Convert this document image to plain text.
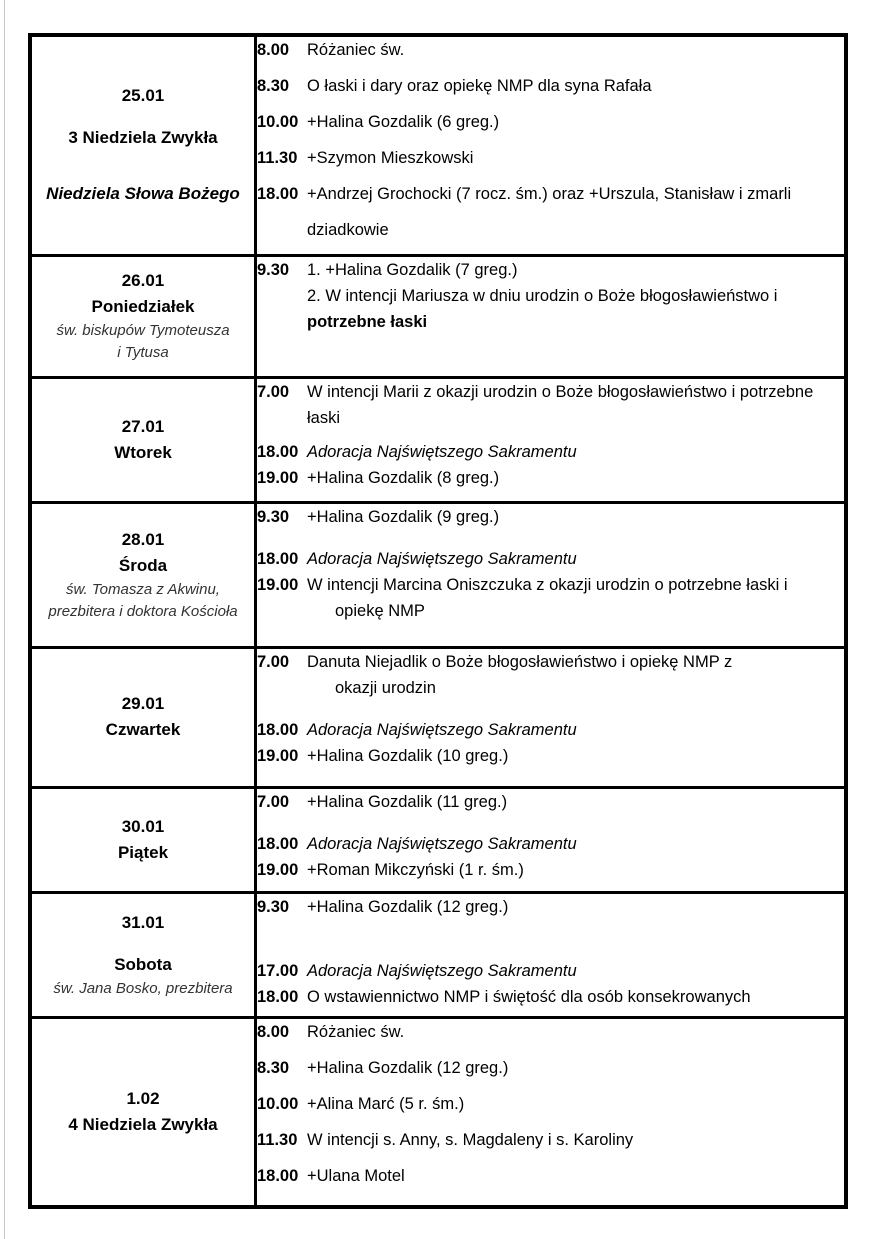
25.01
3 Niedziela Zwykła
Niedziela Słowa Bożego

8.00	Różaniec św.
8.30	O łaski i dary oraz opiekę NMP dla syna Rafała
10.00 +Halina Gozdalik (6 greg.)
11.30 +Szymon Mieszkowski
18.00 +Andrzej Grochocki (7 rocz. śm.) oraz +Urszula, Stanisław i zmarli
dziadkowie

26.01
Poniedziałek
św. biskupów Tymoteusza
i Tytusa

9.30	1. +Halina Gozdalik (7 greg.)
2. W intencji Mariusza w dniu urodzin o Boże błogosławieństwo i
potrzebne łaski

27.01
Wtorek

7.00	W intencji Marii z okazji urodzin o Boże błogosławieństwo i potrzebne
łaski
18.00 Adoracja Najświętszego Sakramentu
19.00 +Halina Gozdalik (8 greg.)

28.01
Środa
św. Tomasza z Akwinu,
prezbitera i doktora Kościoła

9.30	+Halina Gozdalik (9 greg.)
18.00 Adoracja Najświętszego Sakramentu
19.00 W intencji Marcina Oniszczuka z okazji urodzin o potrzebne łaski i
opiekę NMP

29.01
Czwartek

7.00	Danuta Niejadlik o Boże błogosławieństwo i opiekę NMP z
okazji urodzin
18.00 Adoracja Najświętszego Sakramentu
19.00 +Halina Gozdalik (10 greg.)

30.01
Piątek

7.00	+Halina Gozdalik (11 greg.)
18.00 Adoracja Najświętszego Sakramentu
19.00 +Roman Mikczyński (1 r. śm.)

31.01
Sobota
św. Jana Bosko, prezbitera

9.30	+Halina Gozdalik (12 greg.)
17.00 Adoracja Najświętszego Sakramentu
18.00 O wstawiennictwo NMP i świętość dla osób konsekrowanych

1.02
4 Niedziela Zwykła

8.00	Różaniec św.
8.30	+Halina Gozdalik (12 greg.)
10.00 +Alina Marć (5 r. śm.)
11.30 W intencji s. Anny, s. Magdaleny i s. Karoliny
18.00 +Ulana Motel
